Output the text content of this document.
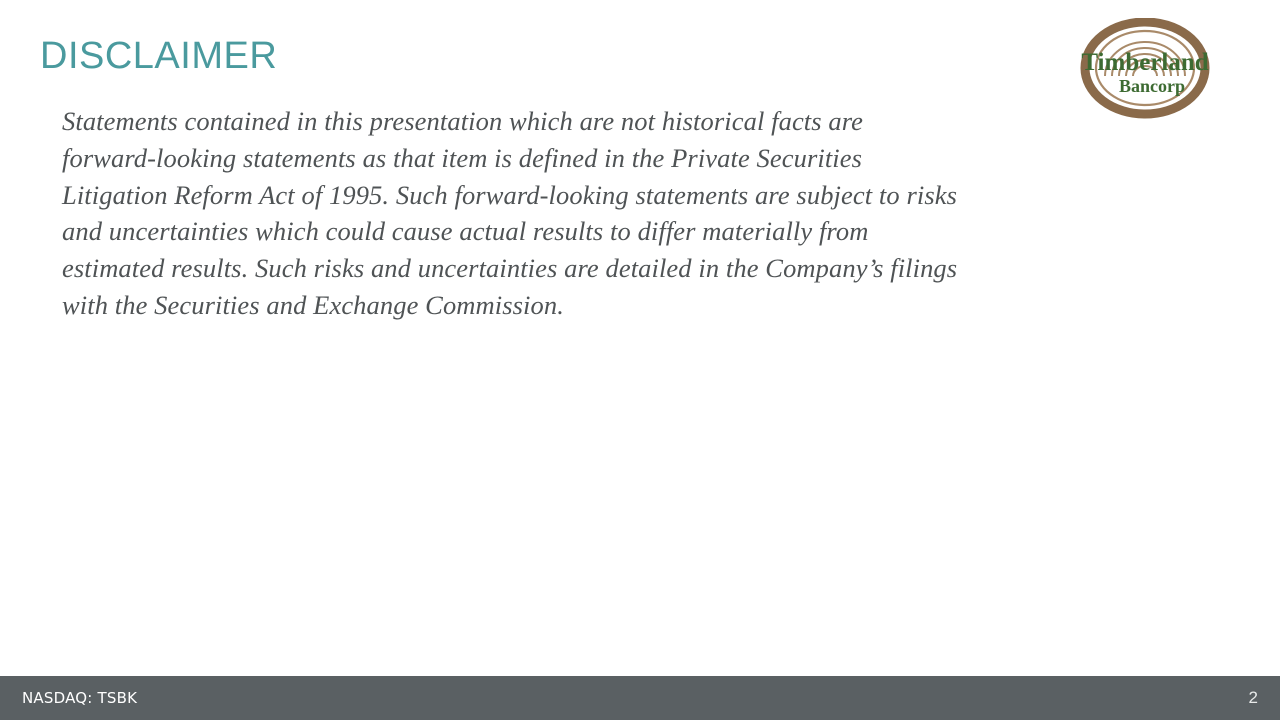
DISCLAIMER
Statements contained in this presentation which are not historical facts are forward-looking statements as that item is defined in the Private Securities Litigation Reform Act of 1995. Such forward-looking statements are subject to risks and uncertainties which could cause actual results to differ materially from estimated results. Such risks and uncertainties are detailed in the Company’s filings with the Securities and Exchange Commission.
Timberland
Bancorp
NASDAQ: TSBK	2
